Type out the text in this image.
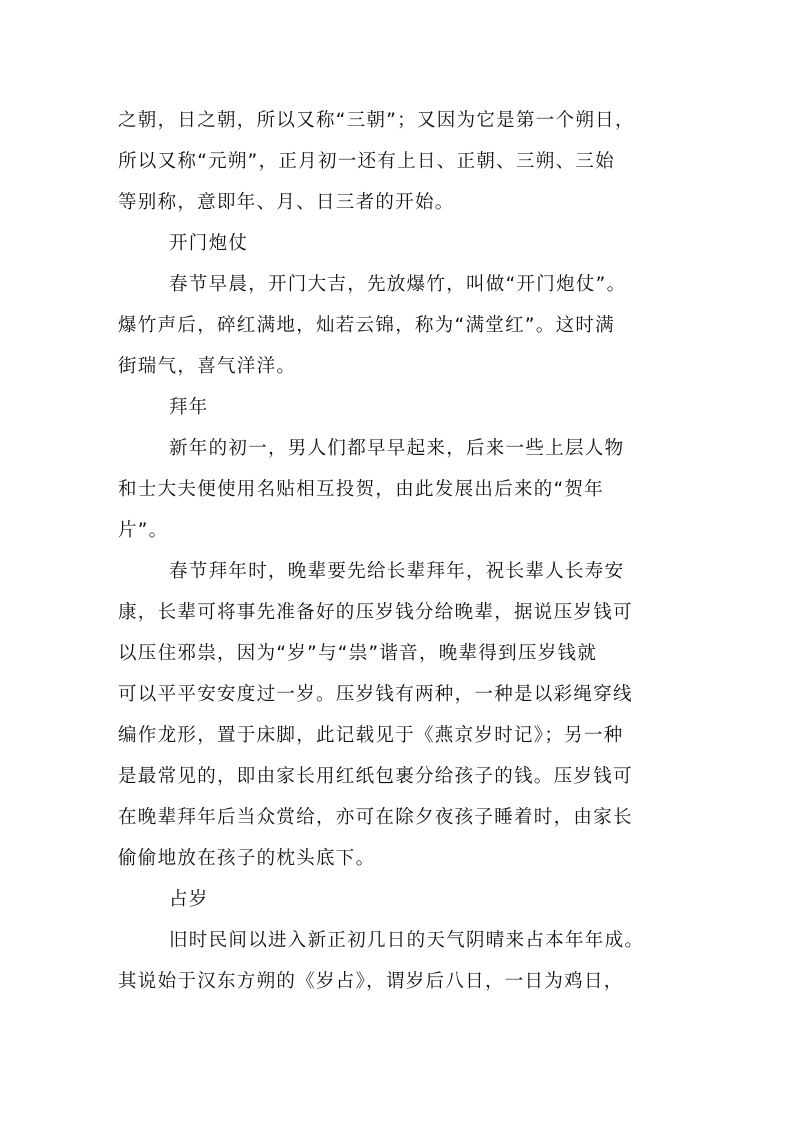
之朝，日之朝，所以又称“三朝”；又因为它是第一个朔日，
所以又称“元朔”，正月初一还有上日、正朝、三朔、三始
等别称，意即年、月、日三者的开始。
开门炮仗
春节早晨，开门大吉，先放爆竹，叫做“开门炮仗”。
爆竹声后，碎红满地，灿若云锦，称为“满堂红”。这时满
街瑞气，喜气洋洋。
拜年
新年的初一，男人们都早早起来，后来一些上层人物
和士大夫便使用名贴相互投贺，由此发展出后来的“贺年
片”。
春节拜年时，晚辈要先给长辈拜年，祝长辈人长寿安
康，长辈可将事先准备好的压岁钱分给晚辈，据说压岁钱可
以压住邪祟，因为“岁”与“祟”谐音，晚辈得到压岁钱就
可以平平安安度过一岁。压岁钱有两种，一种是以彩绳穿线
编作龙形，置于床脚，此记载见于《燕京岁时记》；另一种
是最常见的，即由家长用红纸包裹分给孩子的钱。压岁钱可
在晚辈拜年后当众赏给，亦可在除夕夜孩子睡着时，由家长
偷偷地放在孩子的枕头底下。
占岁
旧时民间以进入新正初几日的天气阴晴来占本年年成。
其说始于汉东方朔的《岁占》，谓岁后八日，一日为鸡日，
